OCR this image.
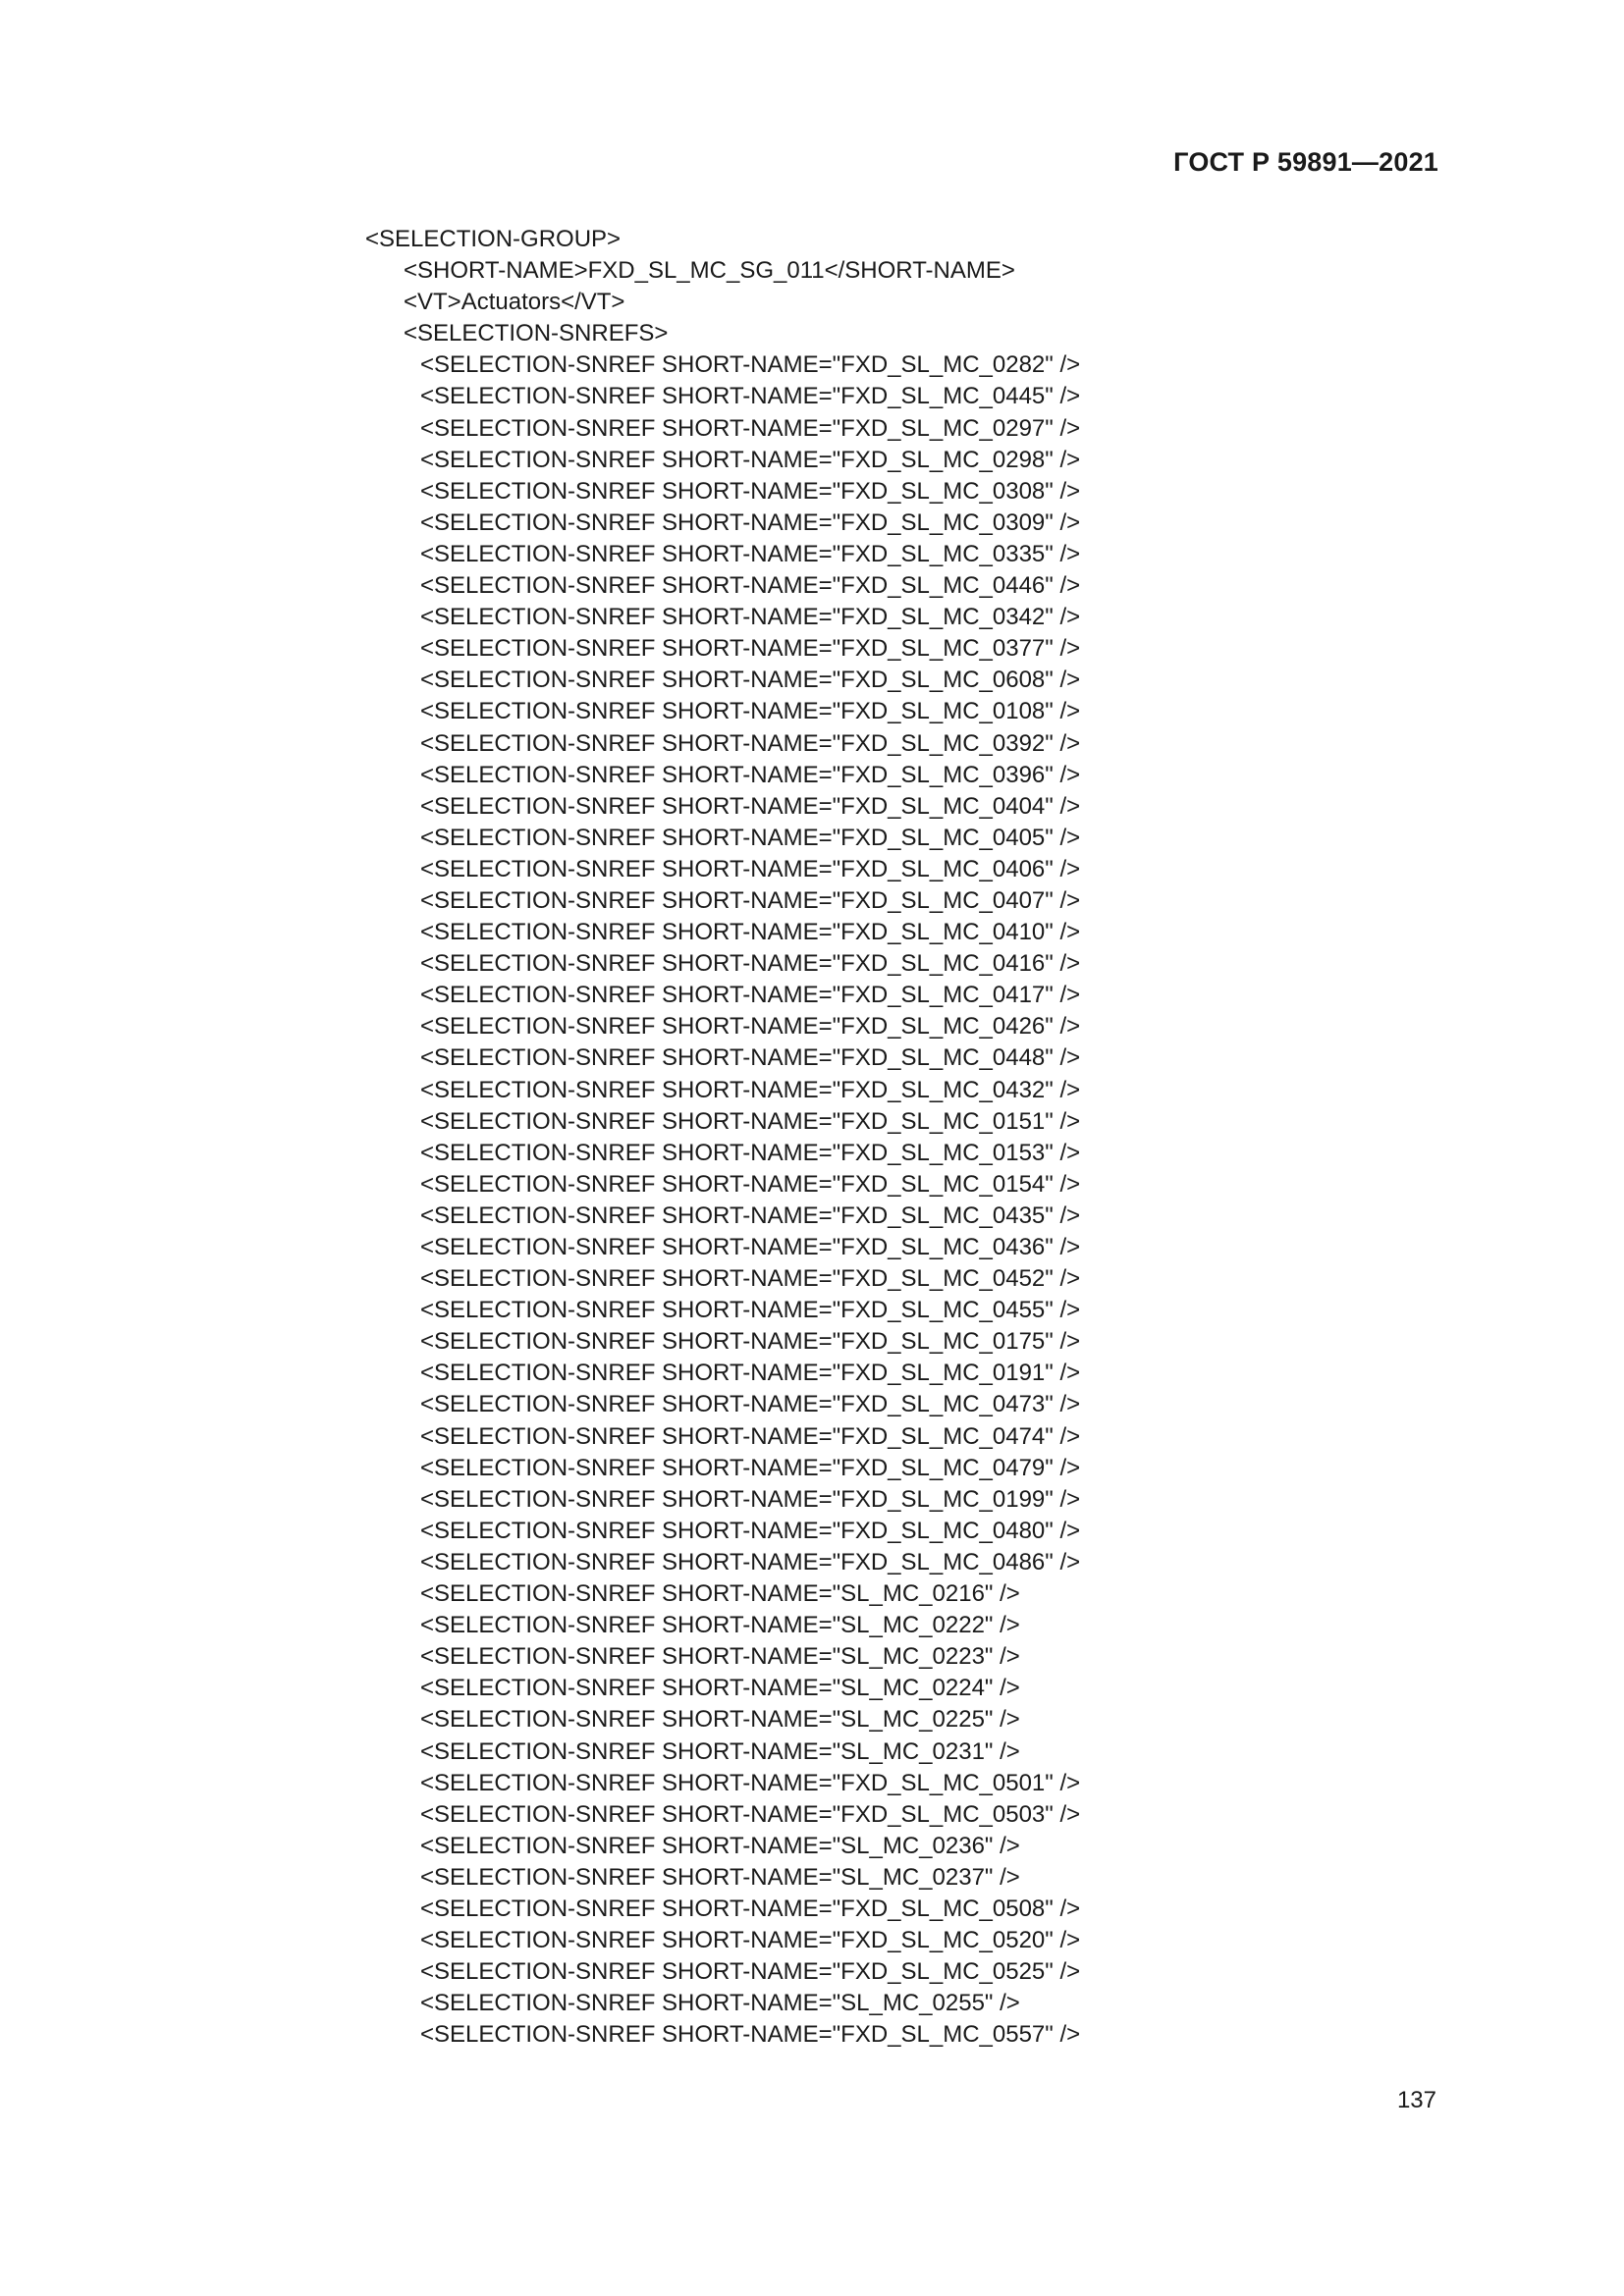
ГОСТ Р 59891—2021
<SELECTION-GROUP>
<SHORT-NAME>FXD_SL_MC_SG_011</SHORT-NAME>
<VT>Actuators</VT>
<SELECTION-SNREFS>
<SELECTION-SNREF SHORT-NAME="FXD_SL_MC_0282" />
<SELECTION-SNREF SHORT-NAME="FXD_SL_MC_0445" />
<SELECTION-SNREF SHORT-NAME="FXD_SL_MC_0297" />
<SELECTION-SNREF SHORT-NAME="FXD_SL_MC_0298" />
<SELECTION-SNREF SHORT-NAME="FXD_SL_MC_0308" />
<SELECTION-SNREF SHORT-NAME="FXD_SL_MC_0309" />
<SELECTION-SNREF SHORT-NAME="FXD_SL_MC_0335" />
<SELECTION-SNREF SHORT-NAME="FXD_SL_MC_0446" />
<SELECTION-SNREF SHORT-NAME="FXD_SL_MC_0342" />
<SELECTION-SNREF SHORT-NAME="FXD_SL_MC_0377" />
<SELECTION-SNREF SHORT-NAME="FXD_SL_MC_0608" />
<SELECTION-SNREF SHORT-NAME="FXD_SL_MC_0108" />
<SELECTION-SNREF SHORT-NAME="FXD_SL_MC_0392" />
<SELECTION-SNREF SHORT-NAME="FXD_SL_MC_0396" />
<SELECTION-SNREF SHORT-NAME="FXD_SL_MC_0404" />
<SELECTION-SNREF SHORT-NAME="FXD_SL_MC_0405" />
<SELECTION-SNREF SHORT-NAME="FXD_SL_MC_0406" />
<SELECTION-SNREF SHORT-NAME="FXD_SL_MC_0407" />
<SELECTION-SNREF SHORT-NAME="FXD_SL_MC_0410" />
<SELECTION-SNREF SHORT-NAME="FXD_SL_MC_0416" />
<SELECTION-SNREF SHORT-NAME="FXD_SL_MC_0417" />
<SELECTION-SNREF SHORT-NAME="FXD_SL_MC_0426" />
<SELECTION-SNREF SHORT-NAME="FXD_SL_MC_0448" />
<SELECTION-SNREF SHORT-NAME="FXD_SL_MC_0432" />
<SELECTION-SNREF SHORT-NAME="FXD_SL_MC_0151" />
<SELECTION-SNREF SHORT-NAME="FXD_SL_MC_0153" />
<SELECTION-SNREF SHORT-NAME="FXD_SL_MC_0154" />
<SELECTION-SNREF SHORT-NAME="FXD_SL_MC_0435" />
<SELECTION-SNREF SHORT-NAME="FXD_SL_MC_0436" />
<SELECTION-SNREF SHORT-NAME="FXD_SL_MC_0452" />
<SELECTION-SNREF SHORT-NAME="FXD_SL_MC_0455" />
<SELECTION-SNREF SHORT-NAME="FXD_SL_MC_0175" />
<SELECTION-SNREF SHORT-NAME="FXD_SL_MC_0191" />
<SELECTION-SNREF SHORT-NAME="FXD_SL_MC_0473" />
<SELECTION-SNREF SHORT-NAME="FXD_SL_MC_0474" />
<SELECTION-SNREF SHORT-NAME="FXD_SL_MC_0479" />
<SELECTION-SNREF SHORT-NAME="FXD_SL_MC_0199" />
<SELECTION-SNREF SHORT-NAME="FXD_SL_MC_0480" />
<SELECTION-SNREF SHORT-NAME="FXD_SL_MC_0486" />
<SELECTION-SNREF SHORT-NAME="SL_MC_0216" />
<SELECTION-SNREF SHORT-NAME="SL_MC_0222" />
<SELECTION-SNREF SHORT-NAME="SL_MC_0223" />
<SELECTION-SNREF SHORT-NAME="SL_MC_0224" />
<SELECTION-SNREF SHORT-NAME="SL_MC_0225" />
<SELECTION-SNREF SHORT-NAME="SL_MC_0231" />
<SELECTION-SNREF SHORT-NAME="FXD_SL_MC_0501" />
<SELECTION-SNREF SHORT-NAME="FXD_SL_MC_0503" />
<SELECTION-SNREF SHORT-NAME="SL_MC_0236" />
<SELECTION-SNREF SHORT-NAME="SL_MC_0237" />
<SELECTION-SNREF SHORT-NAME="FXD_SL_MC_0508" />
<SELECTION-SNREF SHORT-NAME="FXD_SL_MC_0520" />
<SELECTION-SNREF SHORT-NAME="FXD_SL_MC_0525" />
<SELECTION-SNREF SHORT-NAME="SL_MC_0255" />
<SELECTION-SNREF SHORT-NAME="FXD_SL_MC_0557" />
137
